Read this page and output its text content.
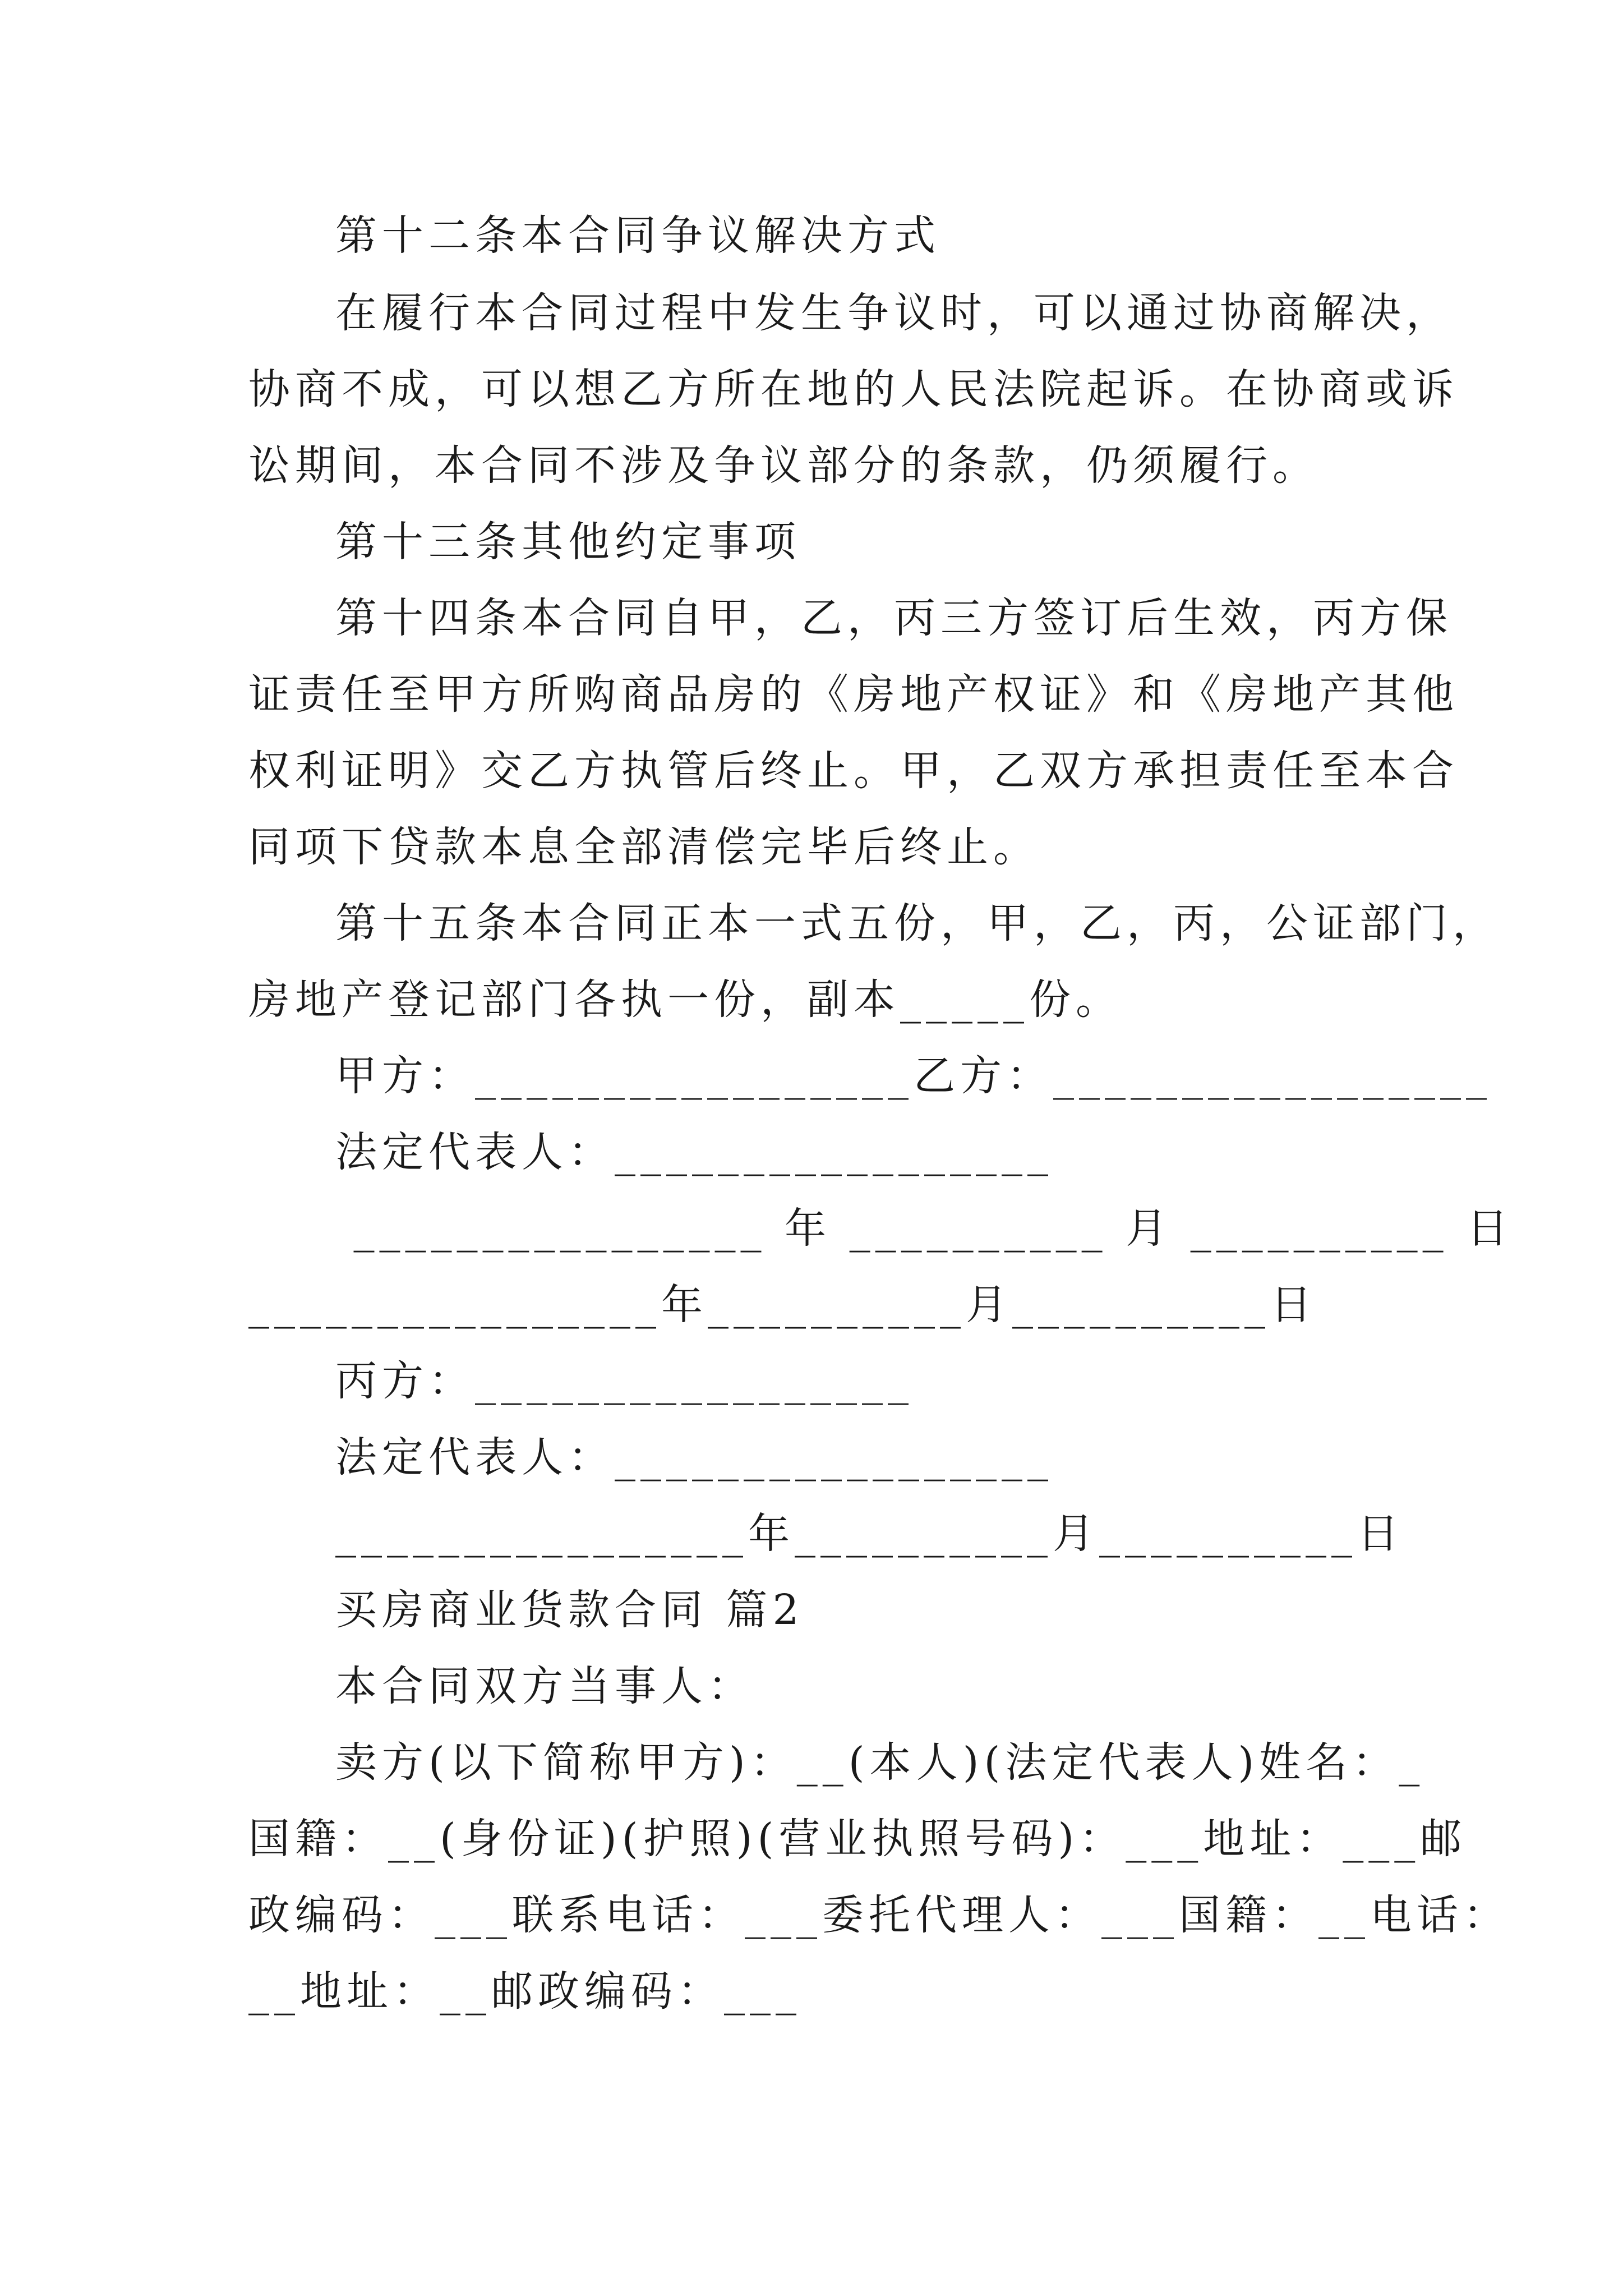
第十二条本合同争议解决方式
在履行本合同过程中发生争议时，可以通过协商解决，
协商不成，可以想乙方所在地的人民法院起诉。在协商或诉
讼期间，本合同不涉及争议部分的条款，仍须履行。
第十三条其他约定事项
第十四条本合同自甲，乙，丙三方签订后生效，丙方保
证责任至甲方所购商品房的《房地产权证》和《房地产其他
权利证明》交乙方执管后终止。甲，乙双方承担责任至本合
同项下贷款本息全部清偿完毕后终止。
第十五条本合同正本一式五份，甲，乙，丙，公证部门，
房地产登记部门各执一份，副本_____份。
甲方：_________________乙方：_________________
法定代表人：_________________
________________ 年 __________ 月 __________ 日
________________年__________月__________日
丙方：_________________
法定代表人：_________________
________________年__________月__________日
买房商业货款合同 篇2
本合同双方当事人：
卖方(以下简称甲方)：__(本人)(法定代表人)姓名：_
国籍：__(身份证)(护照)(营业执照号码)：___地址：___邮
政编码：___联系电话：___委托代理人：___国籍：__电话：
__地址：__邮政编码：___
